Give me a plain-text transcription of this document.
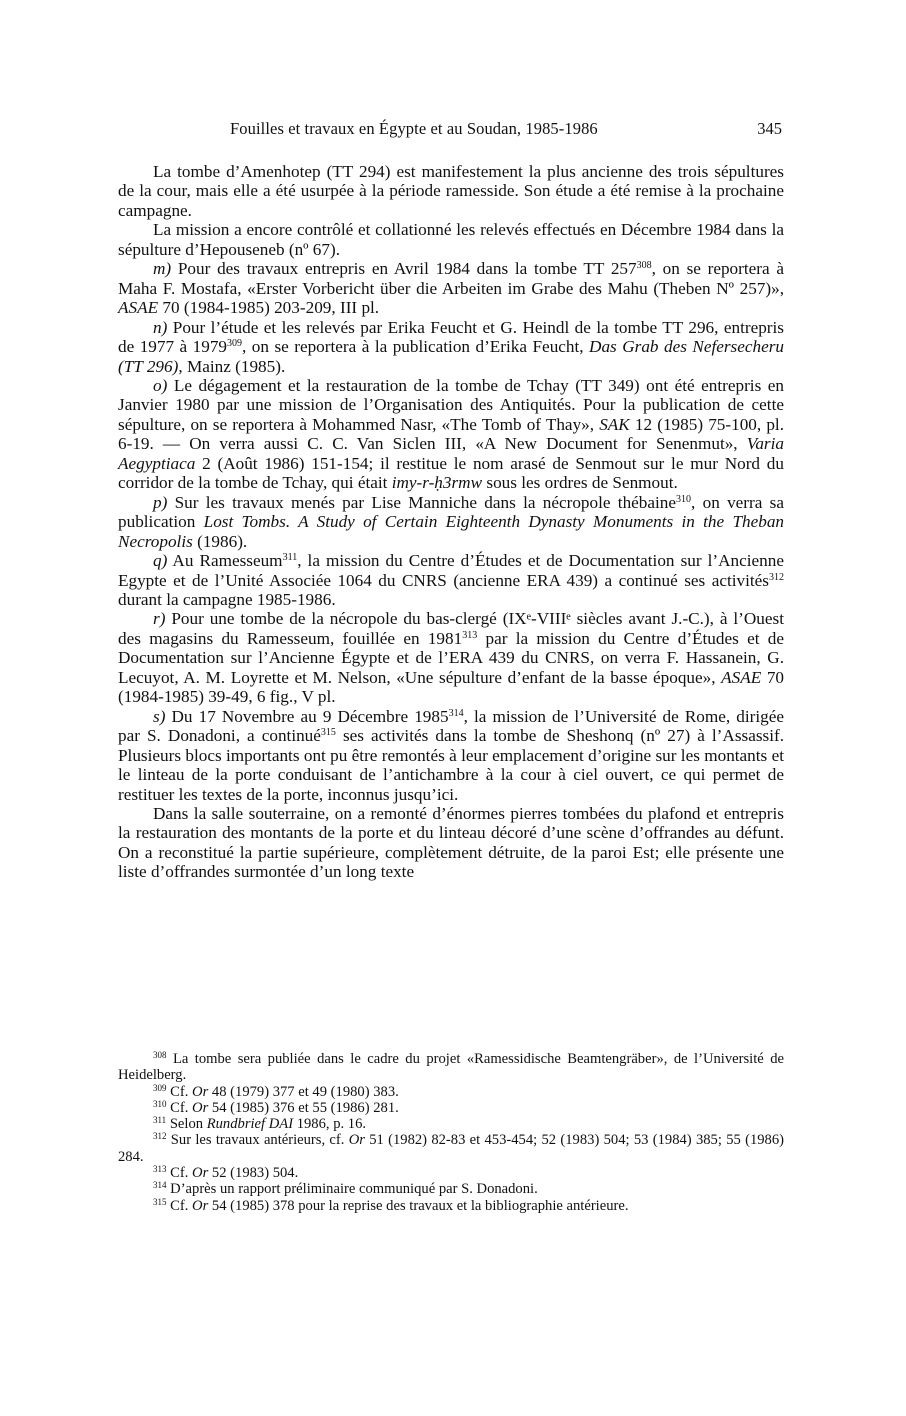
Fouilles et travaux en Égypte et au Soudan, 1985-1986	345

La tombe d’Amenhotep (TT 294) est manifestement la plus ancienne des trois sépultures de la cour, mais elle a été usurpée à la période ramesside. Son étude a été remise à la prochaine campagne.

La mission a encore contrôlé et collationné les relevés effectués en Décembre 1984 dans la sépulture d’Hepouseneb (nº 67).

m) Pour des travaux entrepris en Avril 1984 dans la tombe TT $257^{308}$, on se reportera à Maha F. Mostafa, «Erster Vorbericht über die Arbeiten im Grabe des Mahu (Theben Nº 257)», ASAE 70 (1984-1985) 203-209, III pl.

n) Pour l’étude et les relevés par Erika Feucht et G. Heindl de la tombe TT 296, entrepris de 1977 à 1979$^{309}$, on se reportera à la publication d’Erika Feucht, Das Grab des Nefersecheru (TT 296), Mainz (1985).

o) Le dégagement et la restauration de la tombe de Tchay (TT 349) ont été entrepris en Janvier 1980 par une mission de l’Organisation des Antiquités. Pour la publication de cette sépulture, on se reportera à Mohammed Nasr, «The Tomb of Thay», SAK 12 (1985) 75-100, pl. 6-19. — On verra aussi C. C. Van Siclen III, «A New Document for Senenmut», Varia Aegyptiaca 2 (Août 1986) 151-154; il restitue le nom arasé de Senmout sur le mur Nord du corridor de la tombe de Tchay, qui était imy-r-ḥ3rmw sous les ordres de Senmout.

p) Sur les travaux menés par Lise Manniche dans la nécropole thébaine$^{310}$, on verra sa publication Lost Tombs. A Study of Certain Eighteenth Dynasty Monuments in the Theban Necropolis (1986).

q) Au Ramesseum$^{311}$, la mission du Centre d’Études et de Documentation sur l’Ancienne Egypte et de l’Unité Associée 1064 du CNRS (ancienne ERA 439) a continué ses activités$^{312}$ durant la campagne 1985-1986.

r) Pour une tombe de la nécropole du bas-clergé (IXᵉ-VIIIᵉ siècles avant J.-C.), à l’Ouest des magasins du Ramesseum, fouillée en 1981$^{313}$ par la mission du Centre d’Études et de Documentation sur l’Ancienne Égypte et de l’ERA 439 du CNRS, on verra F. Hassanein, G. Lecuyot, A. M. Loyrette et M. Nelson, «Une sépulture d’enfant de la basse époque», ASAE 70 (1984-1985) 39-49, 6 fig., V pl.

s) Du 17 Novembre au 9 Décembre 1985$^{314}$, la mission de l’Université de Rome, dirigée par S. Donadoni, a continué$^{315}$ ses activités dans la tombe de Sheshonq (nº 27) à l’Assassif. Plusieurs blocs importants ont pu être remontés à leur emplacement d’origine sur les montants et le linteau de la porte conduisant de l’antichambre à la cour à ciel ouvert, ce qui permet de restituer les textes de la porte, inconnus jusqu’ici.

Dans la salle souterraine, on a remonté d’énormes pierres tombées du plafond et entrepris la restauration des montants de la porte et du linteau décoré d’une scène d’offrandes au défunt. On a reconstitué la partie supérieure, complètement détruite, de la paroi Est; elle présente une liste d’offrandes surmontée d’un long texte

$^{308}$ La tombe sera publiée dans le cadre du projet «Ramessidische Beamtengräber», de l’Université de Heidelberg.

$^{309}$ Cf. Or 48 (1979) 377 et 49 (1980) 383.

$^{310}$ Cf. Or 54 (1985) 376 et 55 (1986) 281.

$^{311}$ Selon Rundbrief DAI 1986, p. 16.

$^{312}$ Sur les travaux antérieurs, cf. Or 51 (1982) 82-83 et 453-454; 52 (1983) 504; 53 (1984) 385; 55 (1986) 284.

$^{313}$ Cf. Or 52 (1983) 504.

$^{314}$ D’après un rapport préliminaire communiqué par S. Donadoni.

$^{315}$ Cf. Or 54 (1985) 378 pour la reprise des travaux et la bibliographie antérieure.
